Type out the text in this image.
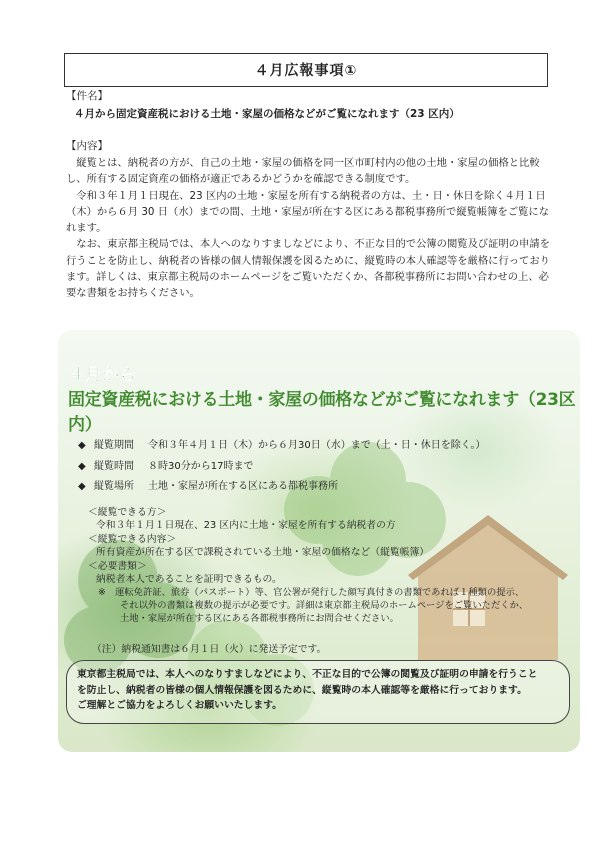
４月広報事項①
【件名】
４月から固定資産税における土地・家屋の価格などがご覧になれます（23 区内）
【内容】

縦覧とは、納税者の方が、自己の土地・家屋の価格を同一区市町村内の他の土地・家屋の価格と比較し、所有する固定資産の価格が適正であるかどうかを確認できる制度です。

令和３年１月１日現在、23 区内の土地・家屋を所有する納税者の方は、土・日・休日を除く４月１日（木）から６月 30 日（水）までの間、土地・家屋が所在する区にある都税事務所で縦覧帳簿をご覧になれます。

なお、東京都主税局では、本人へのなりすましなどにより、不正な目的で公簿の閲覧及び証明の申請を行うことを防止し、納税者の皆様の個人情報保護を図るために、縦覧時の本人確認等を厳格に行っております。詳しくは、東京都主税局のホームページをご覧いただくか、各都税事務所にお問い合わせの上、必要な書類をお持ちください。

４月から
固定資産税における土地・家屋の価格などがご覧になれます（23区内）
◆ 縦覧期間 令和３年４月１日（木）から６月30日（水）まで（土・日・休日を除く。）
◆ 縦覧時間 ８時30分から17時まで
◆ 縦覧場所 土地・家屋が所在する区にある都税事務所
＜縦覧できる方＞
令和３年１月１日現在、23 区内に土地・家屋を所有する納税者の方
＜縦覧できる内容＞
所有資産が所在する区で課税されている土地・家屋の価格など（縦覧帳簿）
＜必要書類＞
納税者本人であることを証明できるもの。
※　運転免許証、旅券（パスポート）等、官公署が発行した顔写真付きの書類であれば１種類の提示、
それ以外の書類は複数の提示が必要です。詳細は東京都主税局のホームページをご覧いただくか、
土地・家屋が所在する区にある各都税事務所にお問合せください。
（注）納税通知書は６月１日（火）に発送予定です。
東京都主税局では、本人へのなりすましなどにより、不正な目的で公簿の閲覧及び証明の申請を行うこと
を防止し、納税者の皆様の個人情報保護を図るために、縦覧時の本人確認等を厳格に行っております。
ご理解とご協力をよろしくお願いいたします。
